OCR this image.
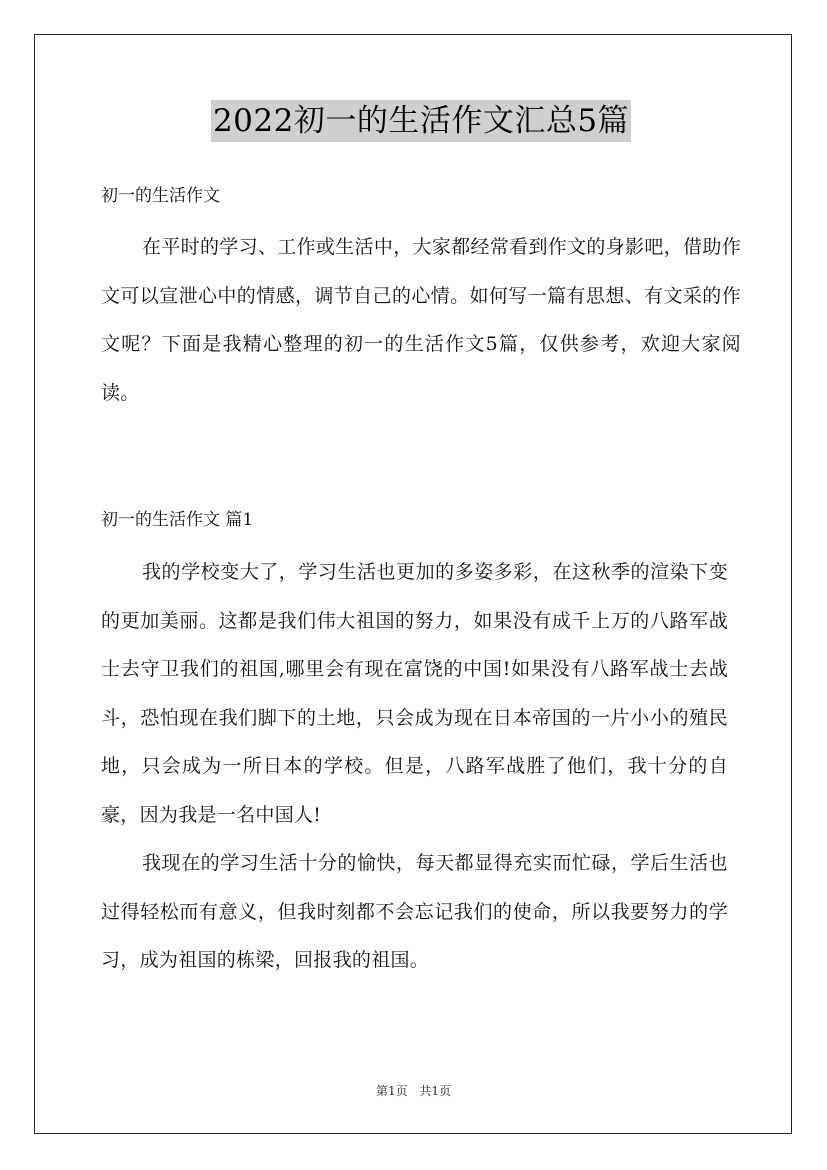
2022初一的生活作文汇总5篇

初一的生活作文

在平时的学习、工作或生活中，大家都经常看到作文的身影吧，借助作文可以宣泄心中的情感，调节自己的心情。如何写一篇有思想、有文采的作文呢？下面是我精心整理的初一的生活作文5篇，仅供参考，欢迎大家阅读。

初一的生活作文 篇1

我的学校变大了，学习生活也更加的多姿多彩，在这秋季的渲染下变的更加美丽。这都是我们伟大祖国的努力，如果没有成千上万的八路军战士去守卫我们的祖国,哪里会有现在富饶的中国!如果没有八路军战士去战斗，恐怕现在我们脚下的土地，只会成为现在日本帝国的一片小小的殖民地，只会成为一所日本的学校。但是，八路军战胜了他们，我十分的自豪，因为我是一名中国人!

我现在的学习生活十分的愉快，每天都显得充实而忙碌，学后生活也过得轻松而有意义，但我时刻都不会忘记我们的使命，所以我要努力的学习，成为祖国的栋梁，回报我的祖国。

第1页 共1页
